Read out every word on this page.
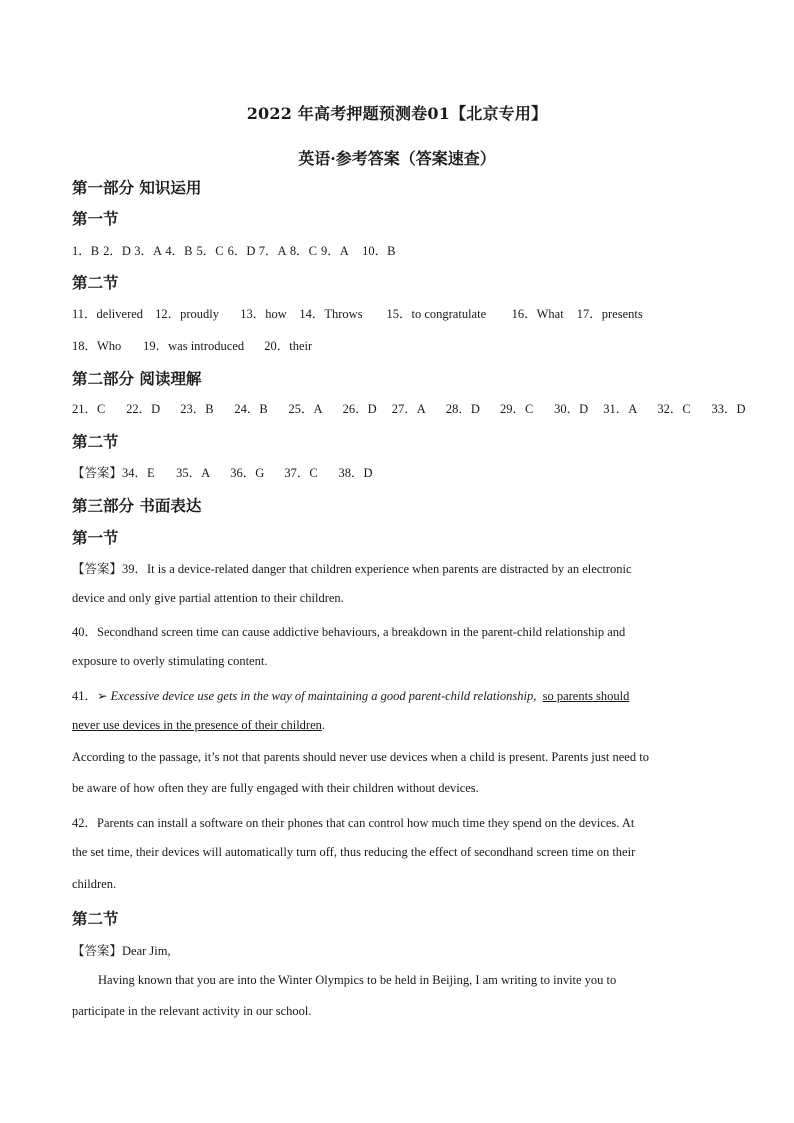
2022 年高考押题预测卷01【北京专用】
英语·参考答案（答案速查）
第一部分 知识运用
第一节
1．B 2．D 3．A 4．B 5．C 6．D 7．A 8．C 9．A 10．B
第二节
11．delivered 12．proudly 13．how 14．Throws 15．to congratulate 16．What 17．presents
18．Who 19．was introduced 20．their
第二部分 阅读理解
21．C 22．D 23．B 24．B 25．A 26．D 27．A 28．D 29．C 30．D 31．A 32．C 33．D
第二节
【答案】34．E 35．A 36．G 37．C 38．D
第三部分 书面表达
第一节
【答案】39．It is a device-related danger that children experience when parents are distracted by an electronic
device and only give partial attention to their children.
40．Secondhand screen time can cause addictive behaviours, a breakdown in the parent-child relationship and
exposure to overly stimulating content.
41．➢ Excessive device use gets in the way of maintaining a good parent-child relationship, so parents should
never use devices in the presence of their children.
According to the passage, it’s not that parents should never use devices when a child is present. Parents just need to
be aware of how often they are fully engaged with their children without devices.
42．Parents can install a software on their phones that can control how much time they spend on the devices. At
the set time, their devices will automatically turn off, thus reducing the effect of secondhand screen time on their
children.
第二节
【答案】Dear Jim,
Having known that you are into the Winter Olympics to be held in Beijing, I am writing to invite you to
participate in the relevant activity in our school.
